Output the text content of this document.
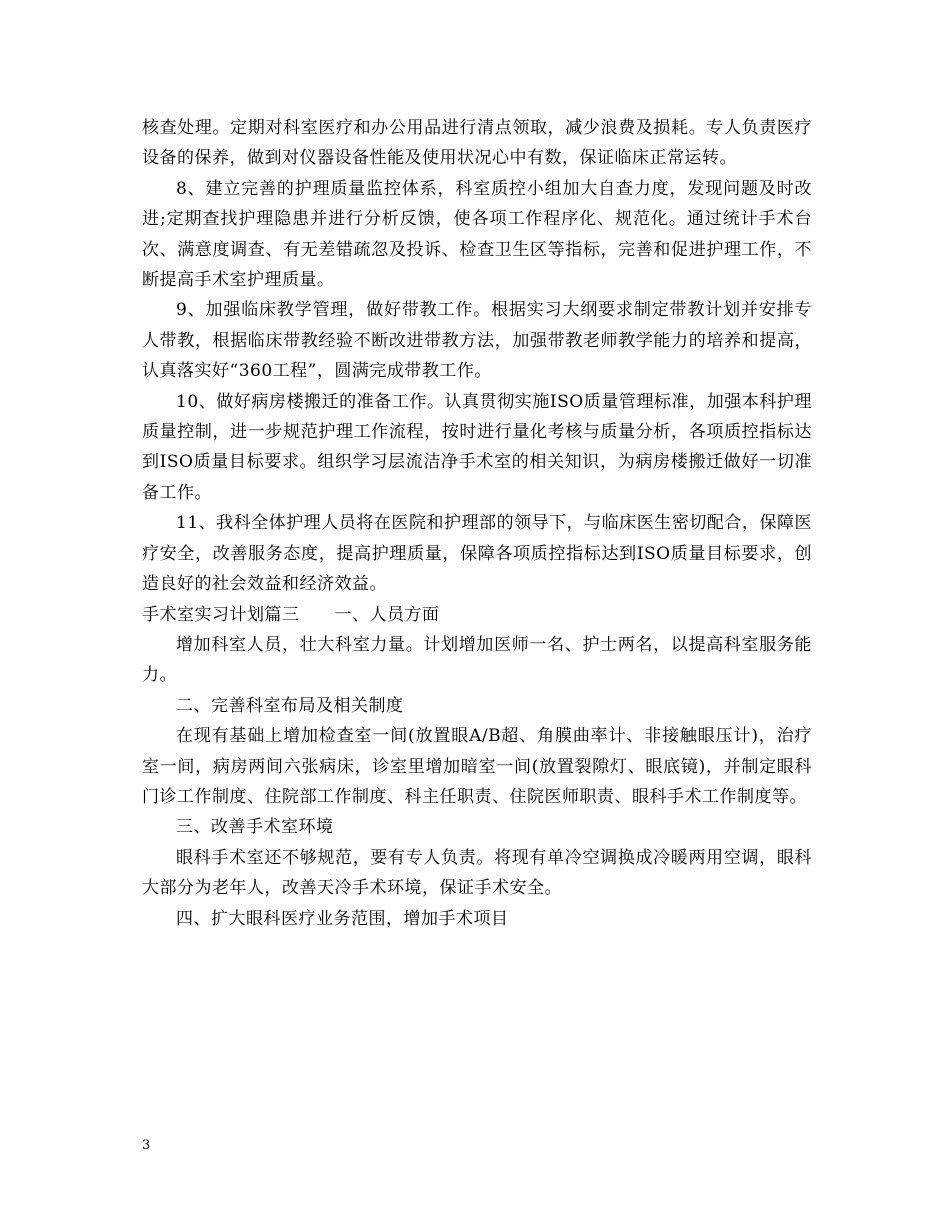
核查处理。定期对科室医疗和办公用品进行清点领取，减少浪费及损耗。专人负责医疗设备的保养，做到对仪器设备性能及使用状况心中有数，保证临床正常运转。

8、建立完善的护理质量监控体系，科室质控小组加大自查力度，发现问题及时改进;定期查找护理隐患并进行分析反馈，使各项工作程序化、规范化。通过统计手术台次、满意度调查、有无差错疏忽及投诉、检查卫生区等指标，完善和促进护理工作，不断提高手术室护理质量。

9、加强临床教学管理，做好带教工作。根据实习大纲要求制定带教计划并安排专人带教，根据临床带教经验不断改进带教方法，加强带教老师教学能力的培养和提高，认真落实好“360工程”，圆满完成带教工作。

10、做好病房楼搬迁的准备工作。认真贯彻实施ISO质量管理标准，加强本科护理质量控制，进一步规范护理工作流程，按时进行量化考核与质量分析，各项质控指标达到ISO质量目标要求。组织学习层流洁净手术室的相关知识，为病房楼搬迁做好一切准备工作。

11、我科全体护理人员将在医院和护理部的领导下，与临床医生密切配合，保障医疗安全，改善服务态度，提高护理质量，保障各项质控指标达到ISO质量目标要求，创造良好的社会效益和经济效益。

手术室实习计划篇三　　一、人员方面

增加科室人员，壮大科室力量。计划增加医师一名、护士两名，以提高科室服务能力。

二、完善科室布局及相关制度

在现有基础上增加检查室一间(放置眼A/B超、角膜曲率计、非接触眼压计)，治疗室一间，病房两间六张病床，诊室里增加暗室一间(放置裂隙灯、眼底镜)，并制定眼科门诊工作制度、住院部工作制度、科主任职责、住院医师职责、眼科手术工作制度等。

三、改善手术室环境

眼科手术室还不够规范，要有专人负责。将现有单冷空调换成冷暖两用空调，眼科大部分为老年人，改善天冷手术环境，保证手术安全。

四、扩大眼科医疗业务范围，增加手术项目

3
